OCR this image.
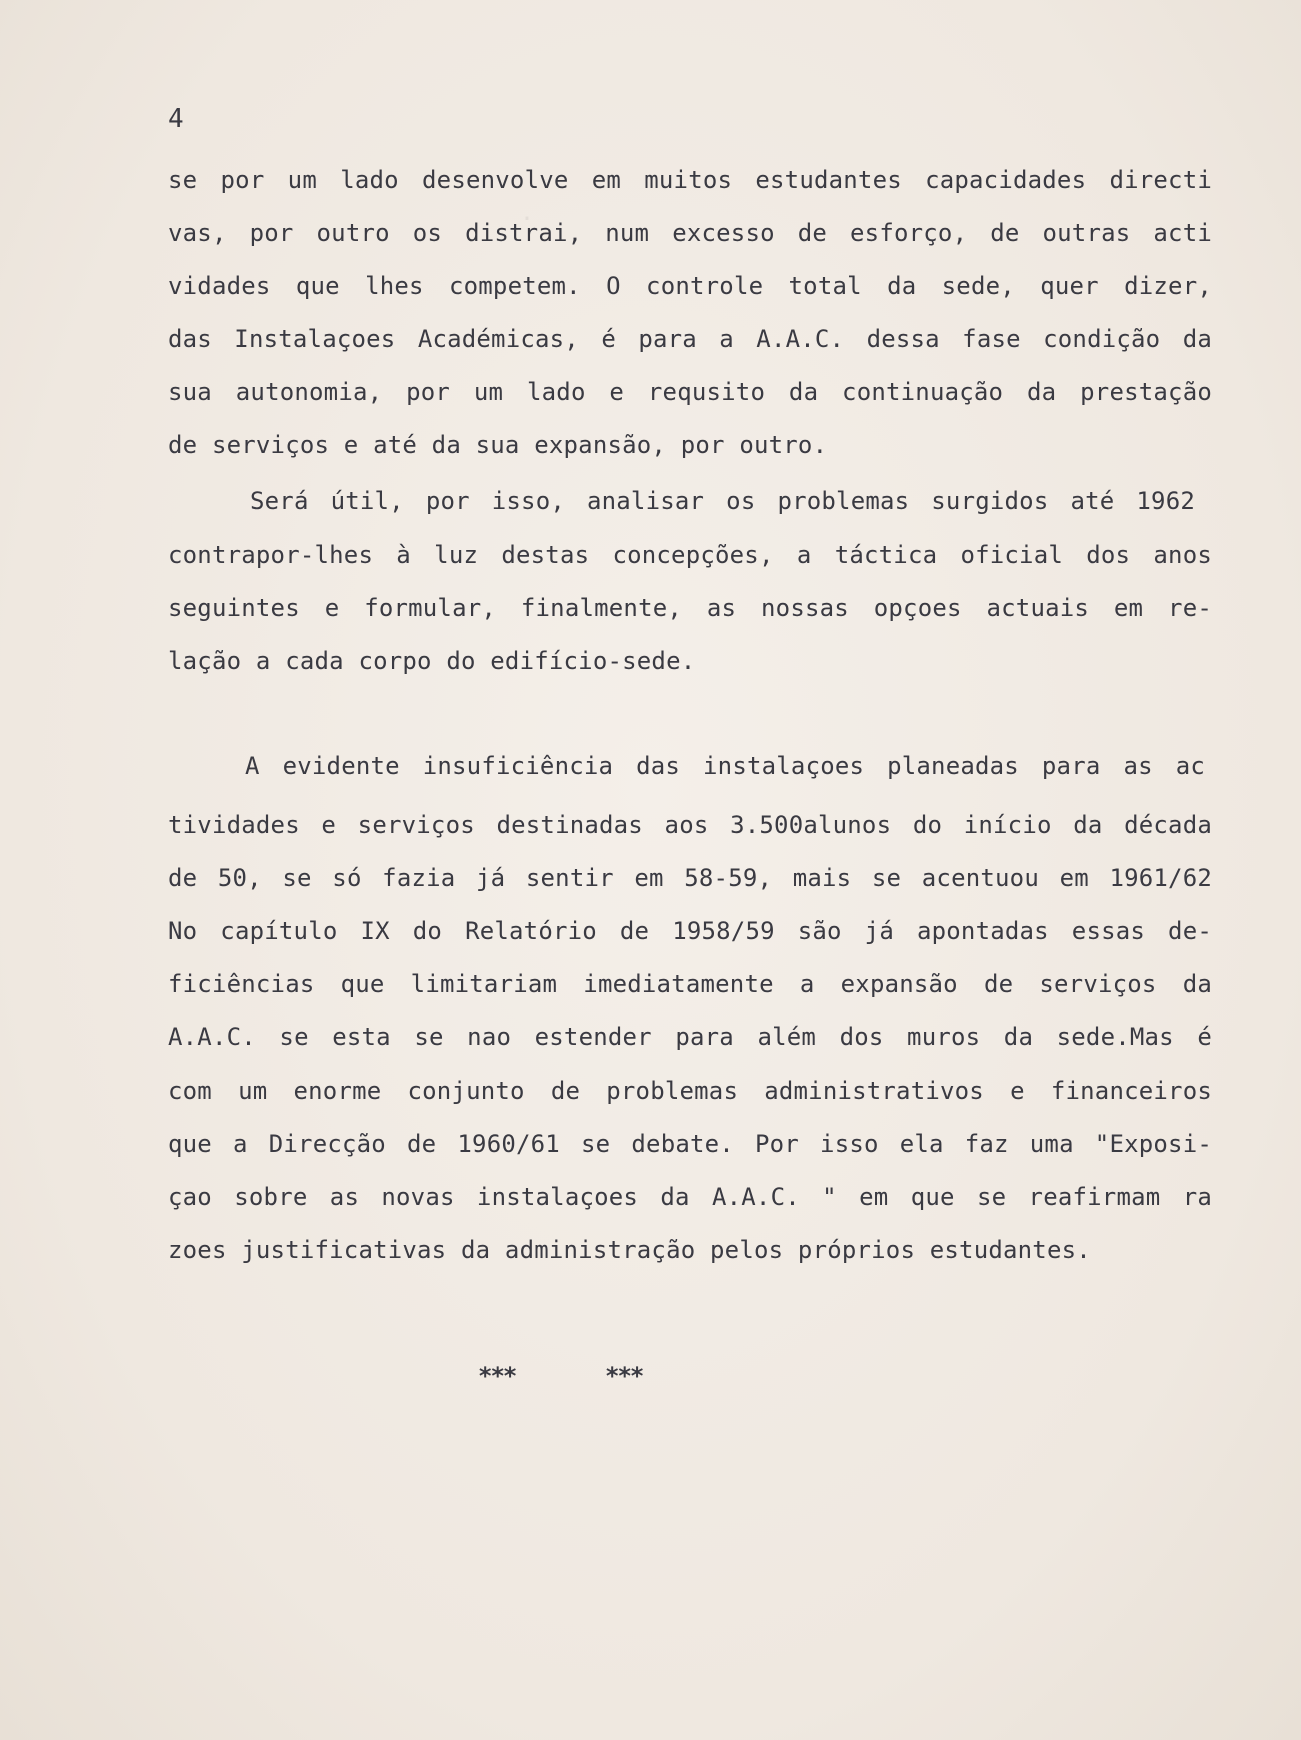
.
4
se por um lado desenvolve em muitos estudantes capacidades directi
vas, por outro os distrai, num excesso de esforço, de outras acti
vidades que lhes competem. O controle total da sede, quer dizer,
das Instalaçoes Académicas, é para a A.A.C. dessa fase condição da
sua autonomia, por um lado e requsito da continuação da prestação
de serviços e até da sua expansão, por outro.
Será útil, por isso, analisar os problemas surgidos até 1962
contrapor-lhes à luz destas concepções, a táctica oficial dos anos
seguintes e formular, finalmente, as nossas opçoes actuais em re-
lação a cada corpo do edifício-sede.
A evidente insuficiência das instalaçoes planeadas para as ac
tividades e serviços destinadas aos 3.500alunos do início da década
de 50, se só fazia já sentir em 58-59, mais se acentuou em 1961/62
No capítulo IX do Relatório de 1958/59 são já apontadas essas de-
ficiências que limitariam imediatamente a expansão de serviços da
A.A.C. se esta se nao estender para além dos muros da sede.Mas é
com um enorme conjunto de problemas administrativos e financeiros
que a Direcção de 1960/61 se debate. Por isso ela faz uma "Exposi-
çao sobre as novas instalaçoes da A.A.C. " em que se reafirmam ra
zoes justificativas da administração pelos próprios estudantes.
***	***
